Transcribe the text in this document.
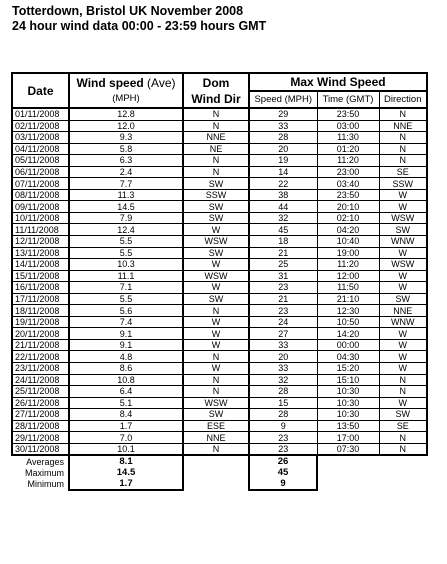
Totterdown, Bristol UK November 2008
24 hour wind data 00:00 - 23:59 hours GMT
Date	Wind speed (Ave)	Dom	Max Wind Speed		
	(MPH)	Wind Dir	Speed (MPH)	Time (GMT)	Direction
01/11/2008	12.8	N	29	23:50	N
02/11/2008	12.0	N	33	03:00	NNE
03/11/2008	9.3	NNE	28	11:30	N
04/11/2008	5.8	NE	20	01:20	N
05/11/2008	6.3	N	19	11:20	N
06/11/2008	2.4	N	14	23:00	SE
07/11/2008	7.7	SW	22	03:40	SSW
08/11/2008	11.3	SSW	38	23:50	W
09/11/2008	14.5	SW	44	20:10	W
10/11/2008	7.9	SW	32	02:10	WSW
11/11/2008	12.4	W	45	04:20	SW
12/11/2008	5.5	WSW	18	10:40	WNW
13/11/2008	5.5	SW	21	19:00	W
14/11/2008	10.3	W	25	11:20	WSW
15/11/2008	11.1	WSW	31	12:00	W
16/11/2008	7.1	W	23	11:50	W
17/11/2008	5.5	SW	21	21:10	SW
18/11/2008	5.6	N	23	12:30	NNE
19/11/2008	7.4	W	24	10:50	WNW
20/11/2008	9.1	W	27	14:20	W
21/11/2008	9.1	W	33	00:00	W
22/11/2008	4.8	N	20	04:30	W
23/11/2008	8.6	W	33	15:20	W
24/11/2008	10.8	N	32	15:10	N
25/11/2008	6.4	N	28	10:30	N
26/11/2008	5.1	WSW	15	10:30	W
27/11/2008	8.4	SW	28	10:30	SW
28/11/2008	1.7	ESE	9	13:50	SE
29/11/2008	7.0	NNE	23	17:00	N
30/11/2008	10.1	N	23	07:30	N
Averages	8.1		26		
Maximum	14.5		45		
Minimum	1.7		9		
